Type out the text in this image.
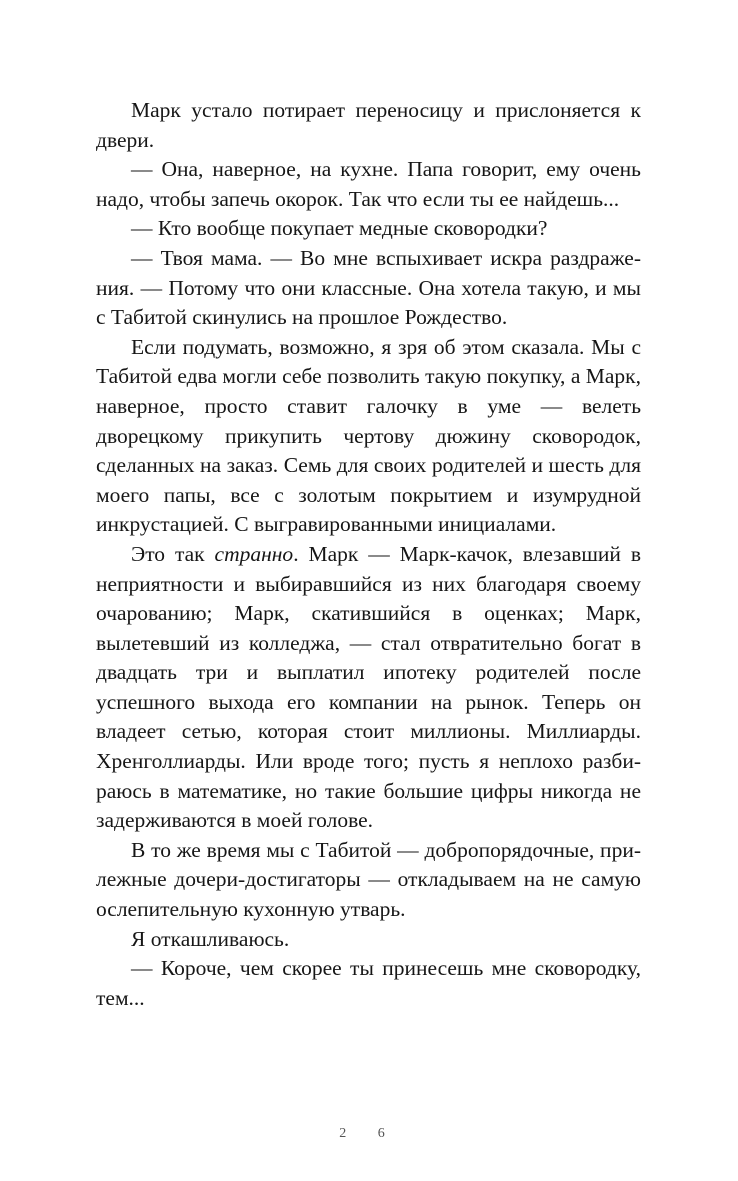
Марк устало потирает переносицу и прислоняется к двери.

— Она, наверное, на кухне. Папа говорит, ему очень надо, чтобы запечь окорок. Так что если ты ее найдешь...

— Кто вообще покупает медные сковородки?

— Твоя мама. — Во мне вспыхивает искра раздражения. — Потому что они классные. Она хотела такую, и мы с Табитой скинулись на прошлое Рождество.

Если подумать, возможно, я зря об этом сказала. Мы с Табитой едва могли себе позволить такую покупку, а Марк, наверное, просто ставит галочку в уме — велеть дворецкому прикупить чертову дюжину сковородок, сделанных на заказ. Семь для своих родителей и шесть для моего папы, все с золотым покрытием и изумрудной инкрустацией. С выгравированными инициалами.

Это так странно. Марк — Марк-качок, влезавший в неприятности и выбиравшийся из них благодаря своему очарованию; Марк, скатившийся в оценках; Марк, вылетевший из колледжа, — стал отвратительно богат в двадцать три и выплатил ипотеку родителей после успешного выхода его компании на рынок. Теперь он владеет сетью, которая стоит миллионы. Миллиарды. Хренголлиарды. Или вроде того; пусть я неплохо разбираюсь в математике, но такие большие цифры никогда не задерживаются в моей голове.

В то же время мы с Табитой — добропорядочные, прилежные дочери-достигаторы — откладываем на не самую ослепительную кухонную утварь.

Я откашливаюсь.

— Короче, чем скорее ты принесешь мне сковородку, тем...

2 6
